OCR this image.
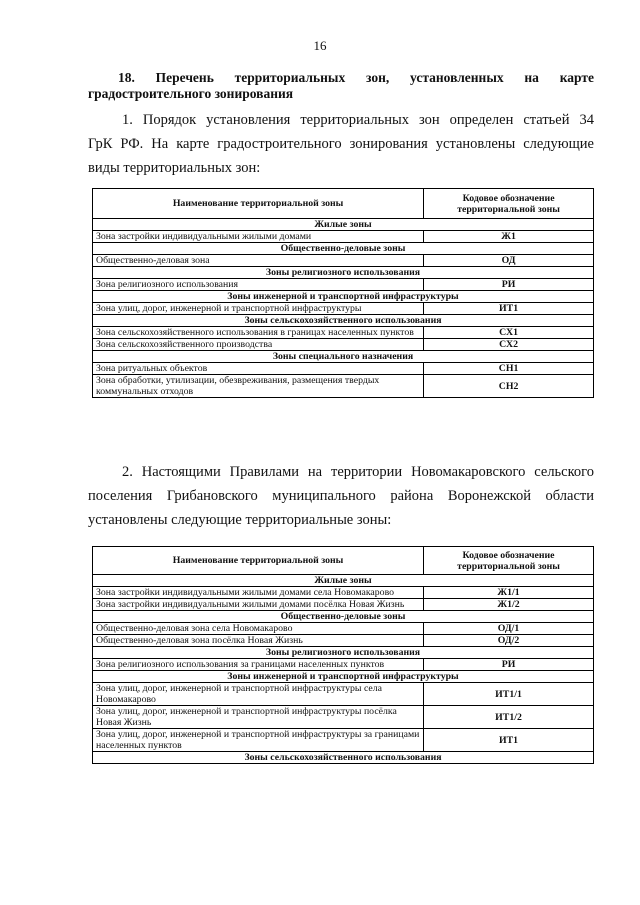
16
18. Перечень территориальных зон, установленных на карте
градостроительного зонирования
1. Порядок установления территориальных зон определен статьей 34
ГрК РФ. На карте градостроительного зонирования установлены следующие
виды территориальных зон:
Наименование территориальной зоны	Кодовое обозначение территориальной зоны
Жилые зоны	
Зона застройки индивидуальными жилыми домами	Ж1
Общественно-деловые зоны	
Общественно-деловая зона	ОД
Зоны религиозного использования	
Зона религиозного использования	РИ
Зоны инженерной и транспортной инфраструктуры	
Зона улиц, дорог, инженерной и транспортной инфраструктуры	ИТ1
Зоны сельскохозяйственного использования	
Зона сельскохозяйственного использования в границах населенных пунктов	СХ1
Зона сельскохозяйственного производства	СХ2
Зоны специального назначения	
Зона ритуальных объектов	СН1
Зона обработки, утилизации, обезвреживания, размещения твердых коммунальных отходов	СН2
2. Настоящими Правилами на территории Новомакаровского сельского
поселения Грибановского муниципального района Воронежской области
установлены следующие территориальные зоны:
Наименование территориальной зоны	Кодовое обозначение территориальной зоны
Жилые зоны	
Зона застройки индивидуальными жилыми домами села Новомакарово	Ж1/1
Зона застройки индивидуальными жилыми домами посёлка Новая Жизнь	Ж1/2
Общественно-деловые зоны	
Общественно-деловая зона села Новомакарово	ОД/1
Общественно-деловая зона посёлка Новая Жизнь	ОД/2
Зоны религиозного использования	
Зона религиозного использования за границами населенных пунктов	РИ
Зоны инженерной и транспортной инфраструктуры	
Зона улиц, дорог, инженерной и транспортной инфраструктуры села Новомакарово	ИТ1/1
Зона улиц, дорог, инженерной и транспортной инфраструктуры посёлка Новая Жизнь	ИТ1/2
Зона улиц, дорог, инженерной и транспортной инфраструктуры за границами населенных пунктов	ИТ1
Зоны сельскохозяйственного использования	
